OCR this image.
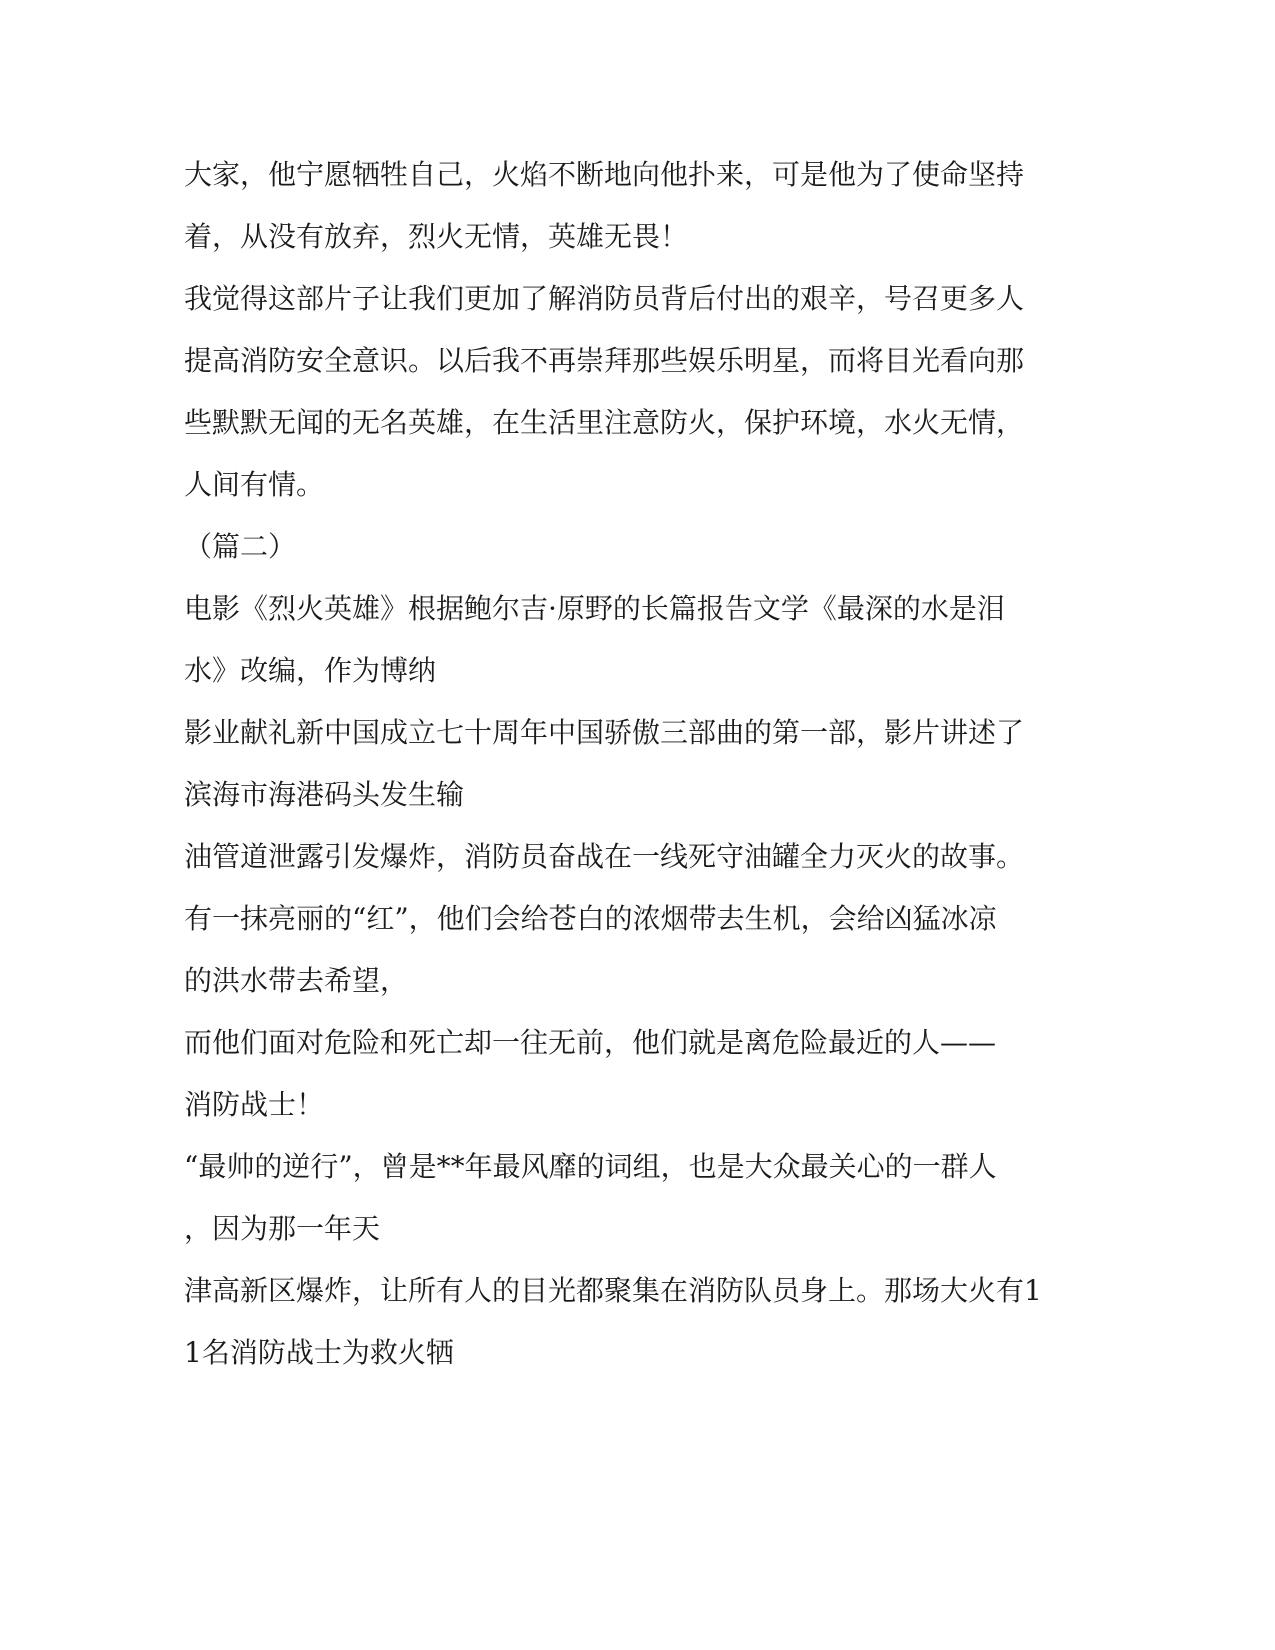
大家，他宁愿牺牲自己，火焰不断地向他扑来，可是他为了使命坚持

着，从没有放弃，烈火无情，英雄无畏！

我觉得这部片子让我们更加了解消防员背后付出的艰辛，号召更多人

提高消防安全意识。以后我不再崇拜那些娱乐明星，而将目光看向那

些默默无闻的无名英雄，在生活里注意防火，保护环境，水火无情，

人间有情。

（篇二）

电影《烈火英雄》根据鲍尔吉·原野的长篇报告文学《最深的水是泪

水》改编，作为博纳

影业献礼新中国成立七十周年中国骄傲三部曲的第一部，影片讲述了

滨海市海港码头发生输

油管道泄露引发爆炸，消防员奋战在一线死守油罐全力灭火的故事。

有一抹亮丽的“红”，他们会给苍白的浓烟带去生机，会给凶猛冰凉

的洪水带去希望，

而他们面对危险和死亡却一往无前，他们就是离危险最近的人——

消防战士！

“最帅的逆行”，曾是**年最风靡的词组，也是大众最关心的一群人

，因为那一年天

津高新区爆炸，让所有人的目光都聚集在消防队员身上。那场大火有1

1名消防战士为救火牺
